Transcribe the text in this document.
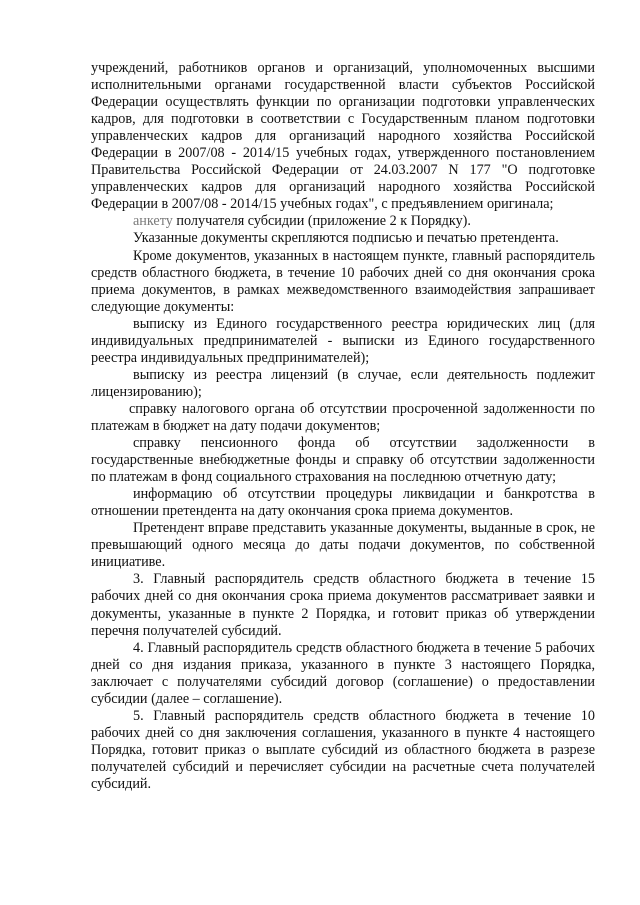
учреждений, работников органов и организаций, уполномоченных высшими исполнительными органами государственной власти субъектов Российской Федерации осуществлять функции по организации подготовки управленческих кадров, для подготовки в соответствии с Государственным планом подготовки управленческих кадров для организаций народного хозяйства Российской Федерации в 2007/08 - 2014/15 учебных годах, утвержденного постановлением Правительства Российской Федерации от 24.03.2007 N 177 "О подготовке управленческих кадров для организаций народного хозяйства Российской Федерации в 2007/08 - 2014/15 учебных годах", с предъявлением оригинала;

анкету получателя субсидии (приложение 2 к Порядку).

Указанные документы скрепляются подписью и печатью претендента.

Кроме документов, указанных в настоящем пункте, главный распорядитель средств областного бюджета, в течение 10 рабочих дней со дня окончания срока приема документов, в рамках межведомственного взаимодействия запрашивает следующие документы:

выписку из Единого государственного реестра юридических лиц (для индивидуальных предпринимателей - выписки из Единого государственного реестра индивидуальных предпринимателей);

выписку из реестра лицензий (в случае, если деятельность подлежит лицензированию);

справку налогового органа об отсутствии просроченной задолженности по платежам в бюджет на дату подачи документов;

справку пенсионного фонда об отсутствии задолженности в государственные внебюджетные фонды и справку об отсутствии задолженности по платежам в фонд социального страхования на последнюю отчетную дату;

информацию об отсутствии процедуры ликвидации и банкротства в отношении претендента на дату окончания срока приема документов.

Претендент вправе представить указанные документы, выданные в срок, не превышающий одного месяца до даты подачи документов, по собственной инициативе.

3. Главный распорядитель средств областного бюджета в течение 15 рабочих дней со дня окончания срока приема документов рассматривает заявки и документы, указанные в пункте 2 Порядка, и готовит приказ об утверждении перечня получателей субсидий.

4. Главный распорядитель средств областного бюджета в течение 5 рабочих дней со дня издания приказа, указанного в пункте 3 настоящего Порядка, заключает с получателями субсидий договор (соглашение) о предоставлении субсидии (далее – соглашение).

5. Главный распорядитель средств областного бюджета в течение 10 рабочих дней со дня заключения соглашения, указанного в пункте 4 настоящего Порядка, готовит приказ о выплате субсидий из областного бюджета в разрезе получателей субсидий и перечисляет субсидии на расчетные счета получателей субсидий.
